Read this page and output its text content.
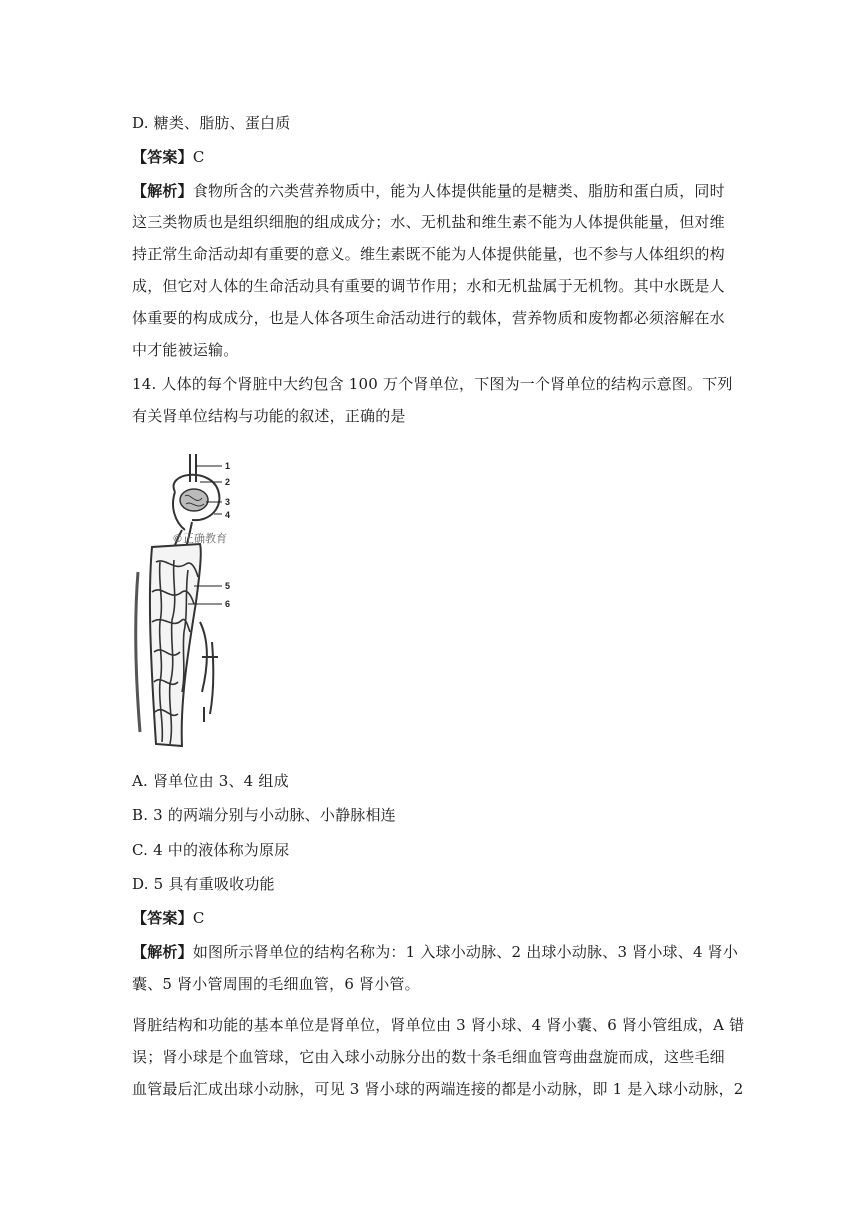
D. 糖类、脂肪、蛋白质
【答案】C
【解析】食物所含的六类营养物质中，能为人体提供能量的是糖类、脂肪和蛋白质，同时
这三类物质也是组织细胞的组成成分；水、无机盐和维生素不能为人体提供能量，但对维
持正常生命活动却有重要的意义。维生素既不能为人体提供能量，也不参与人体组织的构
成，但它对人体的生命活动具有重要的调节作用；水和无机盐属于无机物。其中水既是人
体重要的构成成分，也是人体各项生命活动进行的载体，营养物质和废物都必须溶解在水
中才能被运输。
14. 人体的每个肾脏中大约包含 100 万个肾单位，下图为一个肾单位的结构示意图。下列
有关肾单位结构与功能的叙述，正确的是
1
2
3
4
5
6
©正确教育
A. 肾单位由 3、4 组成
B. 3 的两端分别与小动脉、小静脉相连
C. 4 中的液体称为原尿
D. 5 具有重吸收功能
【答案】C
【解析】如图所示肾单位的结构名称为：1 入球小动脉、2 出球小动脉、3 肾小球、4 肾小
囊、5 肾小管周围的毛细血管，6 肾小管。
肾脏结构和功能的基本单位是肾单位，肾单位由 3 肾小球、4 肾小囊、6 肾小管组成，A 错
误；肾小球是个血管球，它由入球小动脉分出的数十条毛细血管弯曲盘旋而成，这些毛细
血管最后汇成出球小动脉，可见 3 肾小球的两端连接的都是小动脉，即 1 是入球小动脉，2
